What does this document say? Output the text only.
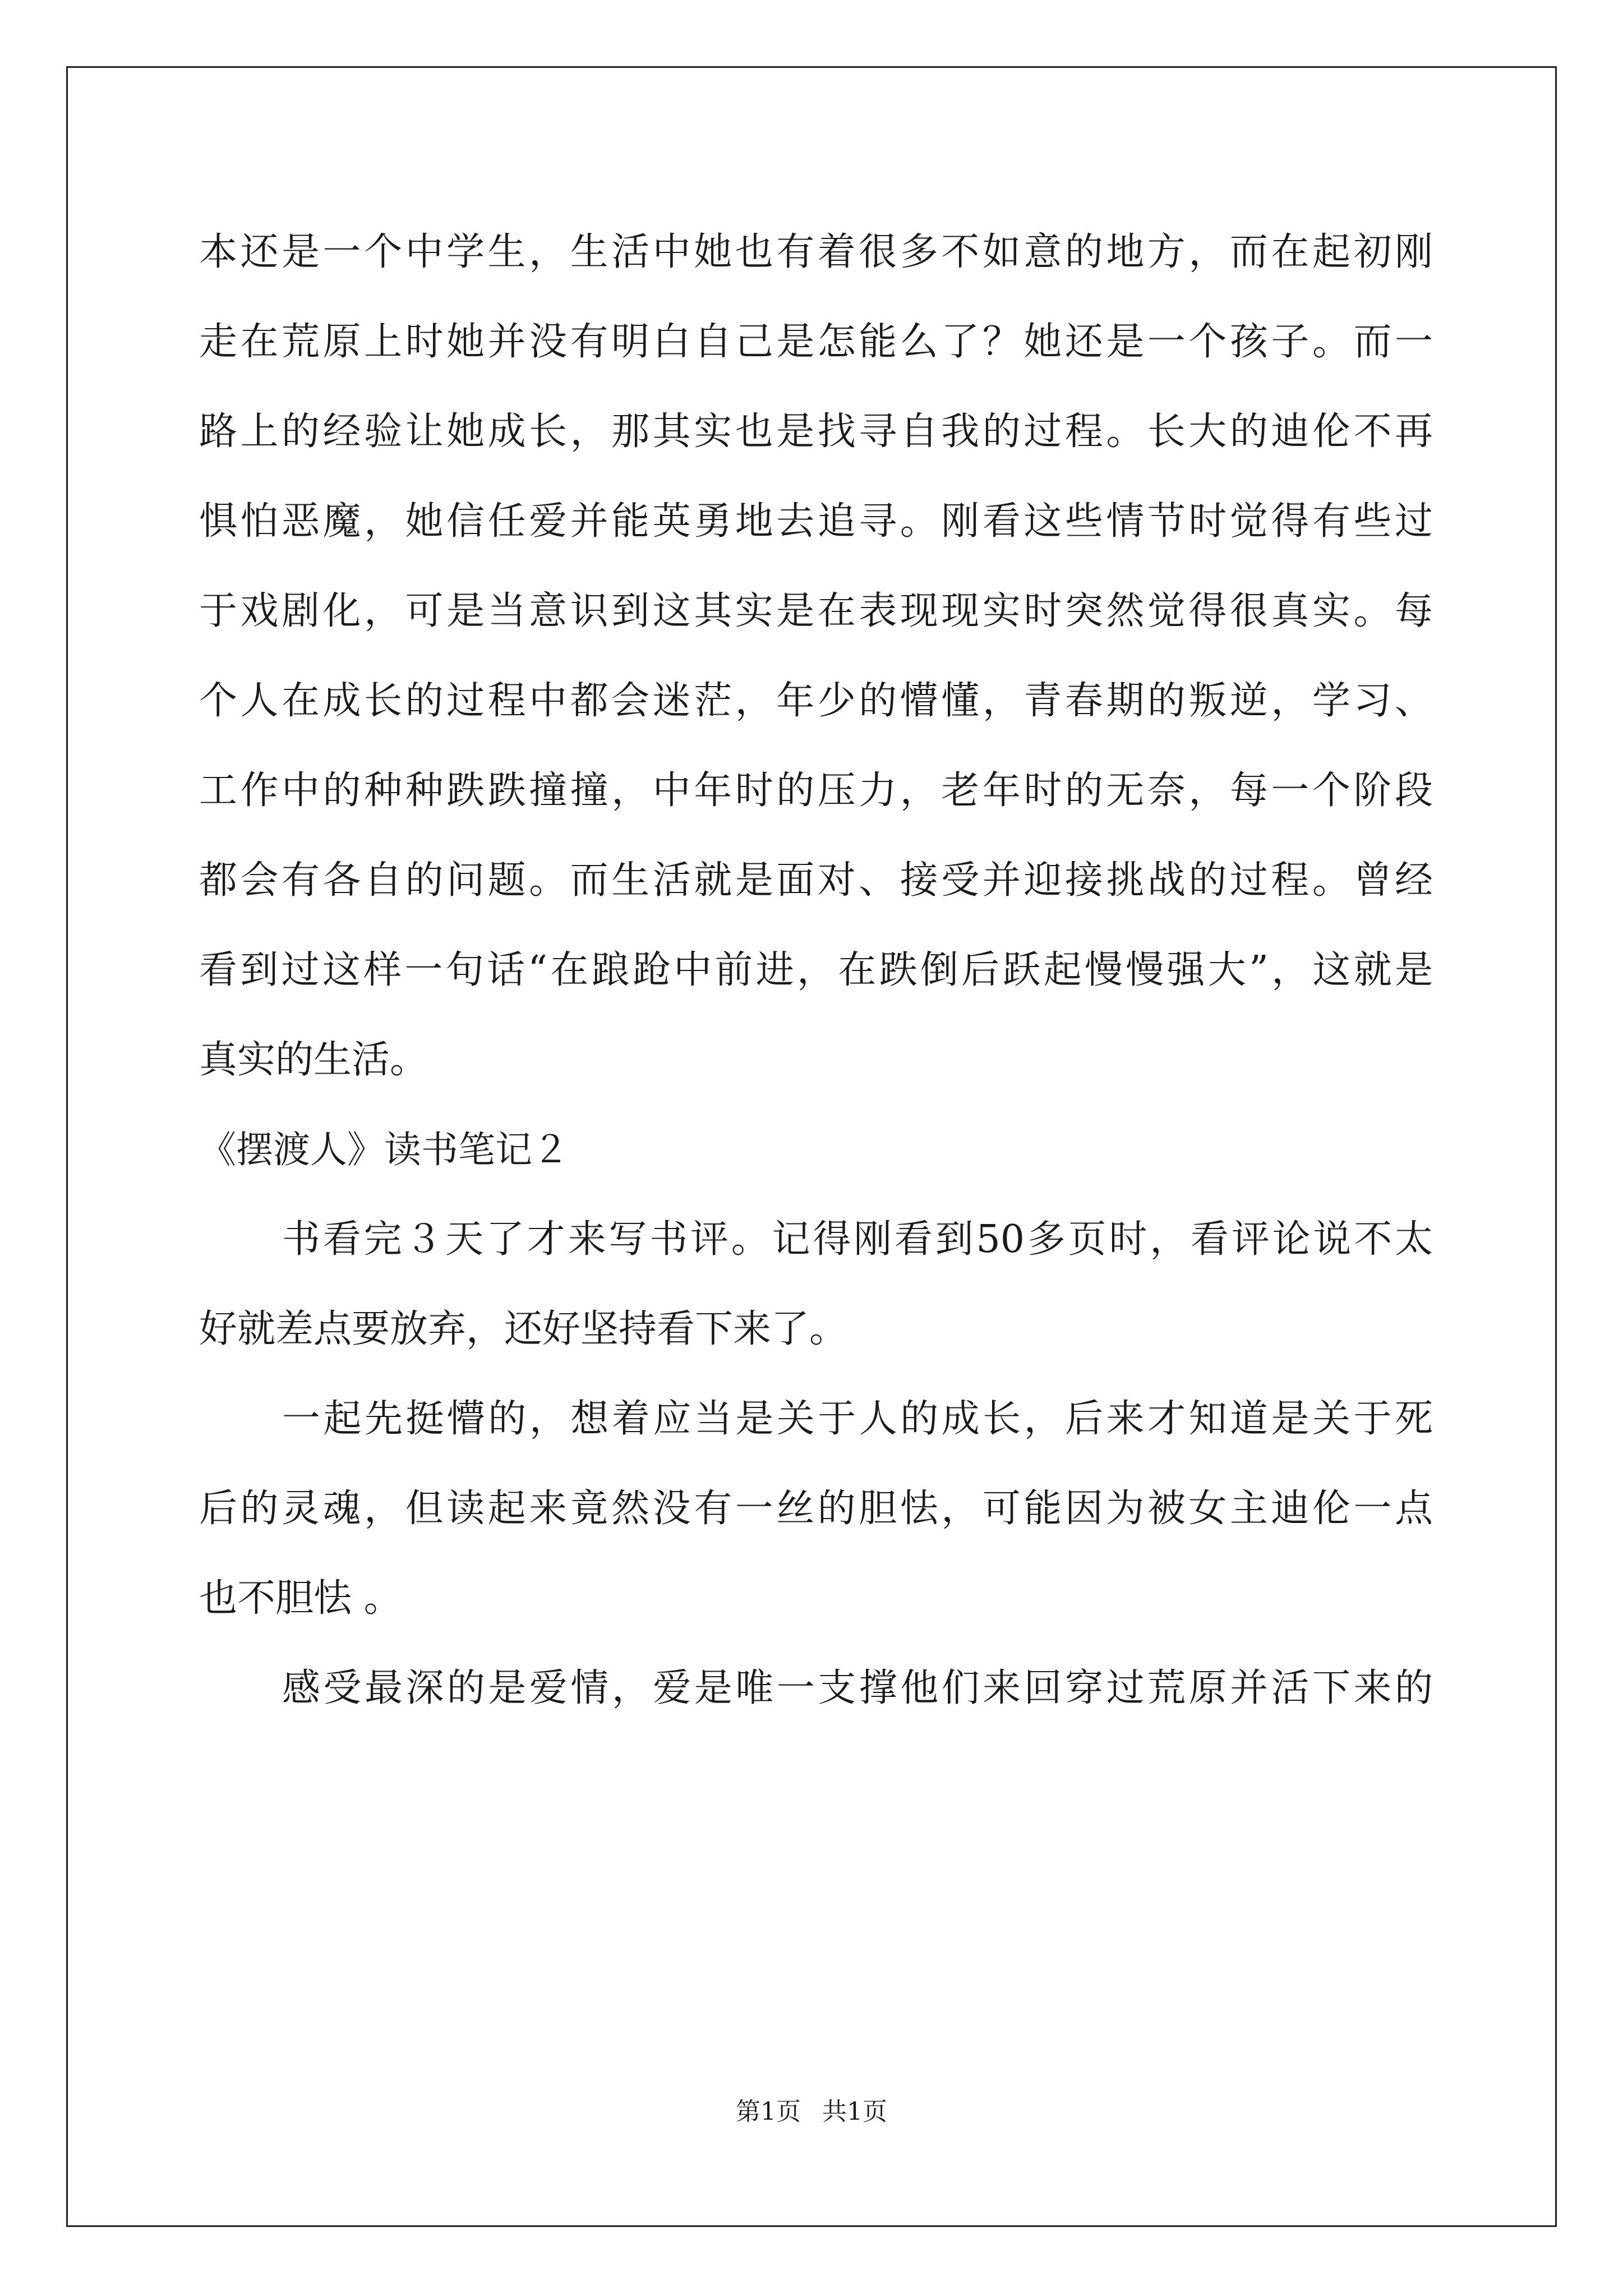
本还是一个中学生，生活中她也有着很多不如意的地方，而在起初刚
走在荒原上时她并没有明白自己是怎能么了？她还是一个孩子。而一
路上的经验让她成长，那其实也是找寻自我的过程。长大的迪伦不再
惧怕恶魔，她信任爱并能英勇地去追寻。刚看这些情节时觉得有些过
于戏剧化，可是当意识到这其实是在表现现实时突然觉得很真实。每
个人在成长的过程中都会迷茫，年少的懵懂，青春期的叛逆，学习、
工作中的种种跌跌撞撞，中年时的压力，老年时的无奈，每一个阶段
都会有各自的问题。而生活就是面对、接受并迎接挑战的过程。曾经
看到过这样一句话“在踉跄中前进，在跌倒后跃起慢慢强大”，这就是
真实的生活。
《摆渡人》读书笔记２
书看完３天了才来写书评。记得刚看到50多页时，看评论说不太
好就差点要放弃，还好坚持看下来了。
一起先挺懵的，想着应当是关于人的成长，后来才知道是关于死
后的灵魂，但读起来竟然没有一丝的胆怯，可能因为被女主迪伦一点
也不胆怯 。
感受最深的是爱情，爱是唯一支撑他们来回穿过荒原并活下来的
第1页 共1页
